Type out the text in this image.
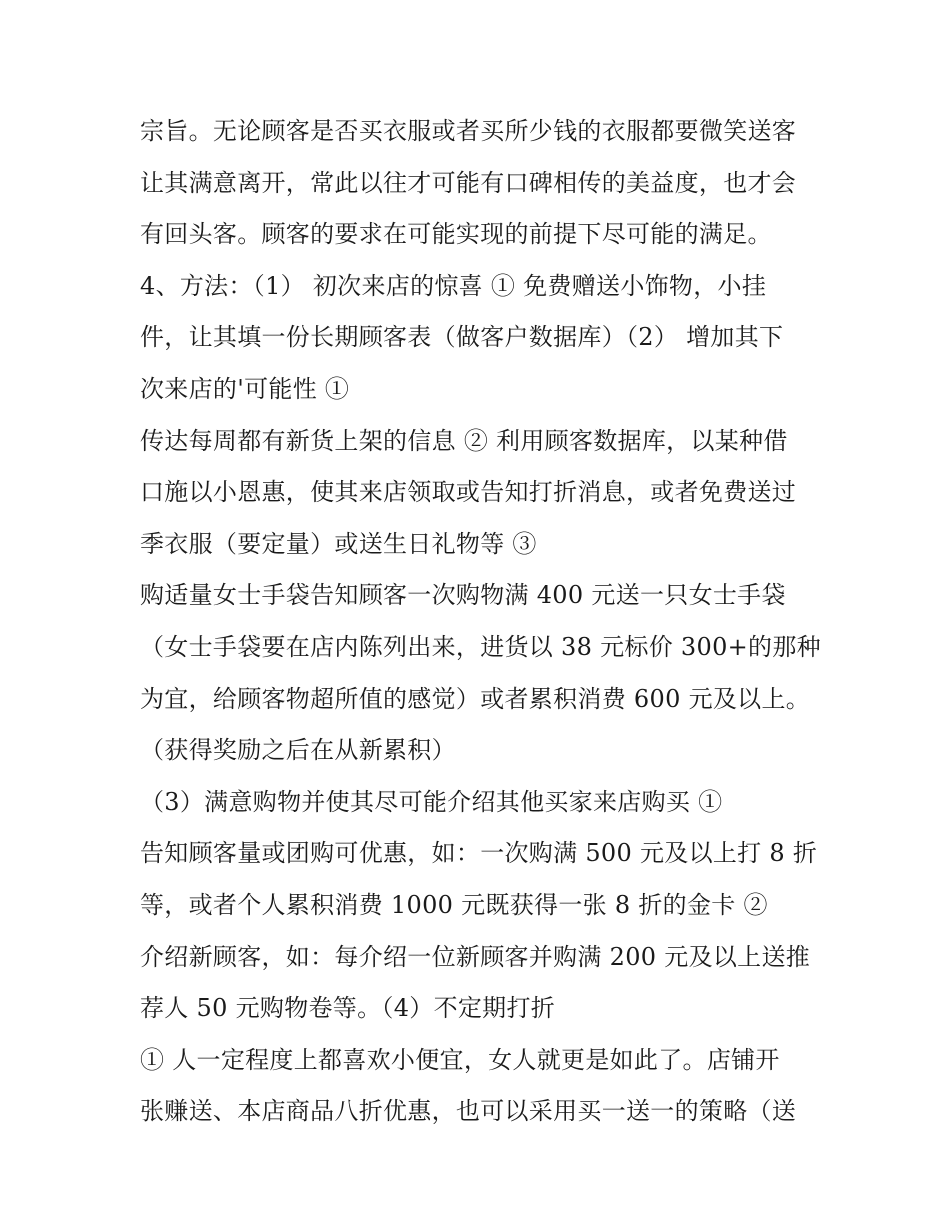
宗旨。无论顾客是否买衣服或者买所少钱的衣服都要微笑送客
让其满意离开，常此以往才可能有口碑相传的美益度，也才会
有回头客。顾客的要求在可能实现的前提下尽可能的满足。
4、方法：（1） 初次来店的惊喜 ① 免费赠送小饰物，小挂
件，让其填一份长期顾客表（做客户数据库）（2） 增加其下
次来店的'可能性 ①
传达每周都有新货上架的信息 ② 利用顾客数据库，以某种借
口施以小恩惠，使其来店领取或告知打折消息，或者免费送过
季衣服（要定量）或送生日礼物等 ③
购适量女士手袋告知顾客一次购物满 400 元送一只女士手袋
（女士手袋要在店内陈列出来，进货以 38 元标价 300+的那种
为宜，给顾客物超所值的感觉）或者累积消费 600 元及以上。
（获得奖励之后在从新累积）
（3）满意购物并使其尽可能介绍其他买家来店购买 ①
告知顾客量或团购可优惠，如：一次购满 500 元及以上打 8 折
等，或者个人累积消费 1000 元既获得一张 8 折的金卡 ②
介绍新顾客，如：每介绍一位新顾客并购满 200 元及以上送推
荐人 50 元购物卷等。（4）不定期打折
① 人一定程度上都喜欢小便宜，女人就更是如此了。店铺开
张赚送、本店商品八折优惠，也可以采用买一送一的策略（送
